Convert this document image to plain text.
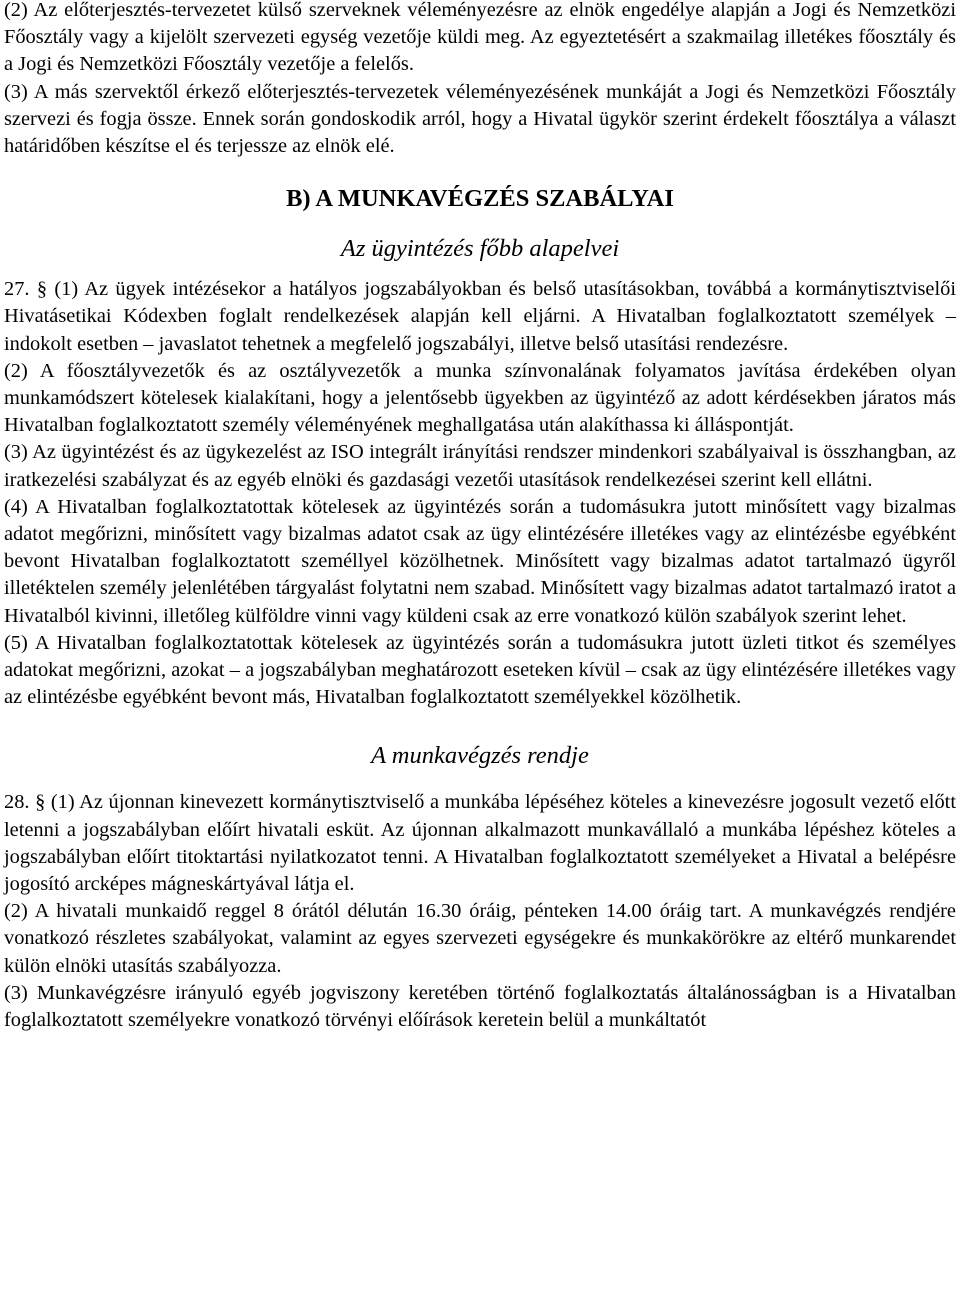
(2) Az előterjesztés-tervezetet külső szerveknek véleményezésre az elnök engedélye alapján a Jogi és Nemzetközi Főosztály vagy a kijelölt szervezeti egység vezetője küldi meg. Az egyeztetésért a szakmailag illetékes főosztály és a Jogi és Nemzetközi Főosztály vezetője a felelős.

(3) A más szervektől érkező előterjesztés-tervezetek véleményezésének munkáját a Jogi és Nemzetközi Főosztály szervezi és fogja össze. Ennek során gondoskodik arról, hogy a Hivatal ügykör szerint érdekelt főosztálya a választ határidőben készítse el és terjessze az elnök elé.

B) A MUNKAVÉGZÉS SZABÁLYAI
Az ügyintézés főbb alapelvei

27. § (1) Az ügyek intézésekor a hatályos jogszabályokban és belső utasításokban, továbbá a kormánytisztviselői Hivatásetikai Kódexben foglalt rendelkezések alapján kell eljárni. A Hivatalban foglalkoztatott személyek – indokolt esetben – javaslatot tehetnek a megfelelő jogszabályi, illetve belső utasítási rendezésre.

(2) A főosztályvezetők és az osztályvezetők a munka színvonalának folyamatos javítása érdekében olyan munkamódszert kötelesek kialakítani, hogy a jelentősebb ügyekben az ügyintéző az adott kérdésekben járatos más Hivatalban foglalkoztatott személy véleményének meghallgatása után alakíthassa ki álláspontját.

(3) Az ügyintézést és az ügykezelést az ISO integrált irányítási rendszer mindenkori szabályaival is összhangban, az iratkezelési szabályzat és az egyéb elnöki és gazdasági vezetői utasítások rendelkezései szerint kell ellátni.

(4) A Hivatalban foglalkoztatottak kötelesek az ügyintézés során a tudomásukra jutott minősített vagy bizalmas adatot megőrizni, minősített vagy bizalmas adatot csak az ügy elintézésére illetékes vagy az elintézésbe egyébként bevont Hivatalban foglalkoztatott személlyel közölhetnek. Minősített vagy bizalmas adatot tartalmazó ügyről illetéktelen személy jelenlétében tárgyalást folytatni nem szabad. Minősített vagy bizalmas adatot tartalmazó iratot a Hivatalból kivinni, illetőleg külföldre vinni vagy küldeni csak az erre vonatkozó külön szabályok szerint lehet.

(5) A Hivatalban foglalkoztatottak kötelesek az ügyintézés során a tudomásukra jutott üzleti titkot és személyes adatokat megőrizni, azokat – a jogszabályban meghatározott eseteken kívül – csak az ügy elintézésére illetékes vagy az elintézésbe egyébként bevont más, Hivatalban foglalkoztatott személyekkel közölhetik.

A munkavégzés rendje

28. § (1) Az újonnan kinevezett kormánytisztviselő a munkába lépéséhez köteles a kinevezésre jogosult vezető előtt letenni a jogszabályban előírt hivatali esküt. Az újonnan alkalmazott munkavállaló a munkába lépéshez köteles a jogszabályban előírt titoktartási nyilatkozatot tenni. A Hivatalban foglalkoztatott személyeket a Hivatal a belépésre jogosító arcképes mágneskártyával látja el.

(2) A hivatali munkaidő reggel 8 órától délután 16.30 óráig, pénteken 14.00 óráig tart. A munkavégzés rendjére vonatkozó részletes szabályokat, valamint az egyes szervezeti egységekre és munkakörökre az eltérő munkarendet külön elnöki utasítás szabályozza.

(3) Munkavégzésre irányuló egyéb jogviszony keretében történő foglalkoztatás általánosságban is a Hivatalban foglalkoztatott személyekre vonatkozó törvényi előírások keretein belül a munkáltatót
